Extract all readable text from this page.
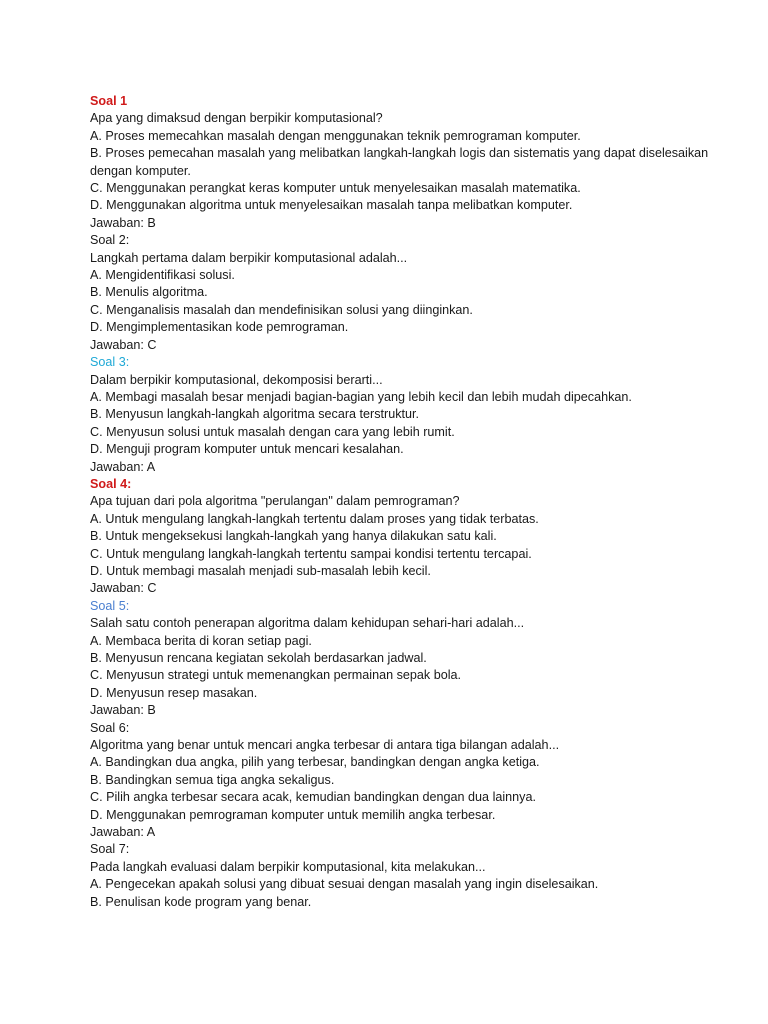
Soal 1
Apa yang dimaksud dengan berpikir komputasional?
A. Proses memecahkan masalah dengan menggunakan teknik pemrograman komputer.
B. Proses pemecahan masalah yang melibatkan langkah-langkah logis dan sistematis yang dapat diselesaikan dengan komputer.
C. Menggunakan perangkat keras komputer untuk menyelesaikan masalah matematika.
D. Menggunakan algoritma untuk menyelesaikan masalah tanpa melibatkan komputer.
Jawaban: B
Soal 2:
Langkah pertama dalam berpikir komputasional adalah...
A. Mengidentifikasi solusi.
B. Menulis algoritma.
C. Menganalisis masalah dan mendefinisikan solusi yang diinginkan.
D. Mengimplementasikan kode pemrograman.
Jawaban: C
Soal 3:
Dalam berpikir komputasional, dekomposisi berarti...
A. Membagi masalah besar menjadi bagian-bagian yang lebih kecil dan lebih mudah dipecahkan.
B. Menyusun langkah-langkah algoritma secara terstruktur.
C. Menyusun solusi untuk masalah dengan cara yang lebih rumit.
D. Menguji program komputer untuk mencari kesalahan.
Jawaban: A
Soal 4:
Apa tujuan dari pola algoritma "perulangan" dalam pemrograman?
A. Untuk mengulang langkah-langkah tertentu dalam proses yang tidak terbatas.
B. Untuk mengeksekusi langkah-langkah yang hanya dilakukan satu kali.
C. Untuk mengulang langkah-langkah tertentu sampai kondisi tertentu tercapai.
D. Untuk membagi masalah menjadi sub-masalah lebih kecil.
Jawaban: C
Soal 5:
Salah satu contoh penerapan algoritma dalam kehidupan sehari-hari adalah...
A. Membaca berita di koran setiap pagi.
B. Menyusun rencana kegiatan sekolah berdasarkan jadwal.
C. Menyusun strategi untuk memenangkan permainan sepak bola.
D. Menyusun resep masakan.
Jawaban: B
Soal 6:
Algoritma yang benar untuk mencari angka terbesar di antara tiga bilangan adalah...
A. Bandingkan dua angka, pilih yang terbesar, bandingkan dengan angka ketiga.
B. Bandingkan semua tiga angka sekaligus.
C. Pilih angka terbesar secara acak, kemudian bandingkan dengan dua lainnya.
D. Menggunakan pemrograman komputer untuk memilih angka terbesar.
Jawaban: A
Soal 7:
Pada langkah evaluasi dalam berpikir komputasional, kita melakukan...
A. Pengecekan apakah solusi yang dibuat sesuai dengan masalah yang ingin diselesaikan.
B. Penulisan kode program yang benar.
